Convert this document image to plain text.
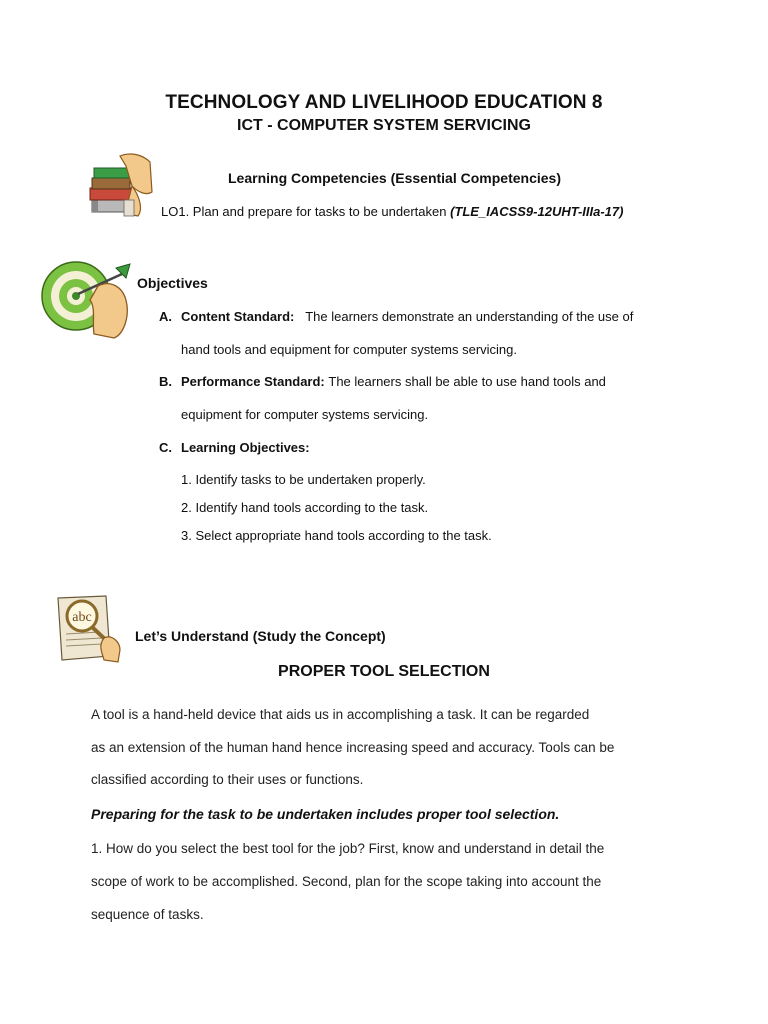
TECHNOLOGY AND LIVELIHOOD EDUCATION 8
ICT - COMPUTER SYSTEM SERVICING
Learning Competencies (Essential Competencies)
LO1. Plan and prepare for tasks to be undertaken (TLE_IACSS9-12UHT-IIIa-17)
Objectives
A. Content Standard: The learners demonstrate an understanding of the use of
hand tools and equipment for computer systems servicing.
B. Performance Standard: The learners shall be able to use hand tools and
equipment for computer systems servicing.
C. Learning Objectives:
1. Identify tasks to be undertaken properly.
2. Identify hand tools according to the task.
3. Select appropriate hand tools according to the task.
abc
Let’s Understand (Study the Concept)
PROPER TOOL SELECTION
A tool is a hand-held device that aids us in accomplishing a task. It can be regarded
as an extension of the human hand hence increasing speed and accuracy. Tools can be
classified according to their uses or functions.
Preparing for the task to be undertaken includes proper tool selection.
1. How do you select the best tool for the job? First, know and understand in detail the
scope of work to be accomplished. Second, plan for the scope taking into account the
sequence of tasks.
